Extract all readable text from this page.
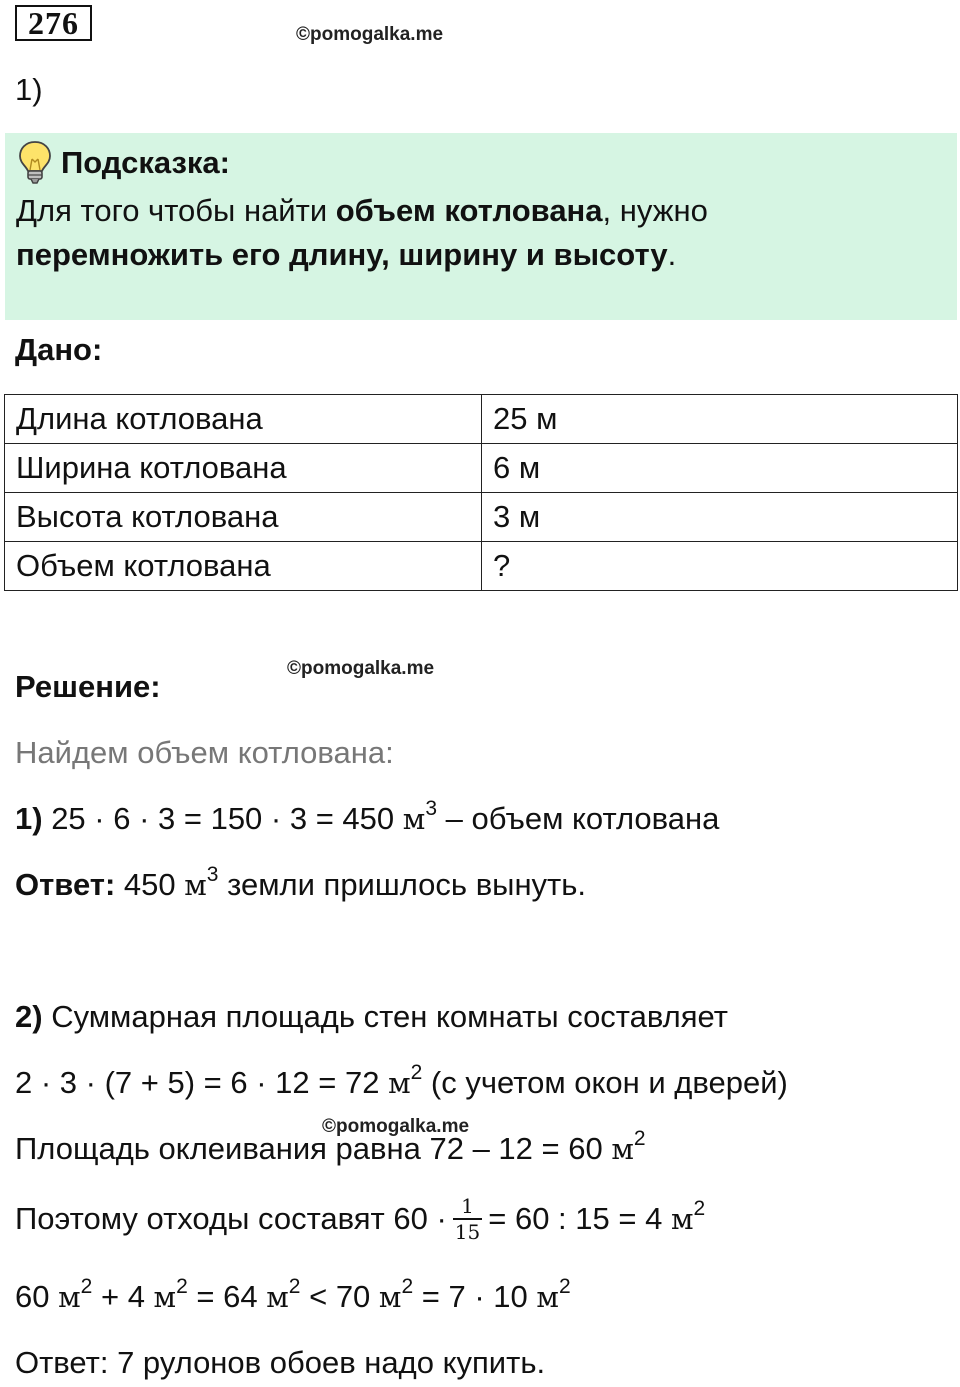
276	©pomogalka.me
1)
Подсказка:
Для того чтобы найти объем котлована, нужно
перемножить его длину, ширину и высоту.
Дано:
Длина котлована	25 м
Ширина котлована	6 м
Высота котлована	3 м
Объем котлована	?
©pomogalka.me
Решение:
Найдем объем котлована:
1) 25 · 6 · 3 = 150 · 3 = 450 $м^3$ – объем котлована
Ответ: 450 $м^3$ земли пришлось вынуть.
2) Суммарная площадь стен комнаты составляет
2 · 3 · (7 + 5) = 6 · 12 = 72 $м^2$ (с учетом окон и дверей)
©pomogalka.me
Площадь оклеивания равна 72 – 12 = 60 $м^2$
Поэтому отходы составят $60 \cdot \frac{1}{15} = 60$ : 15 = 4 $м^2$
60 $м^2 + 4$ $м^2 = 64$ $м^2 < 70$ $м^2 = 7 \cdot 10$ $м^2$
Ответ: 7 рулонов обоев надо купить.
